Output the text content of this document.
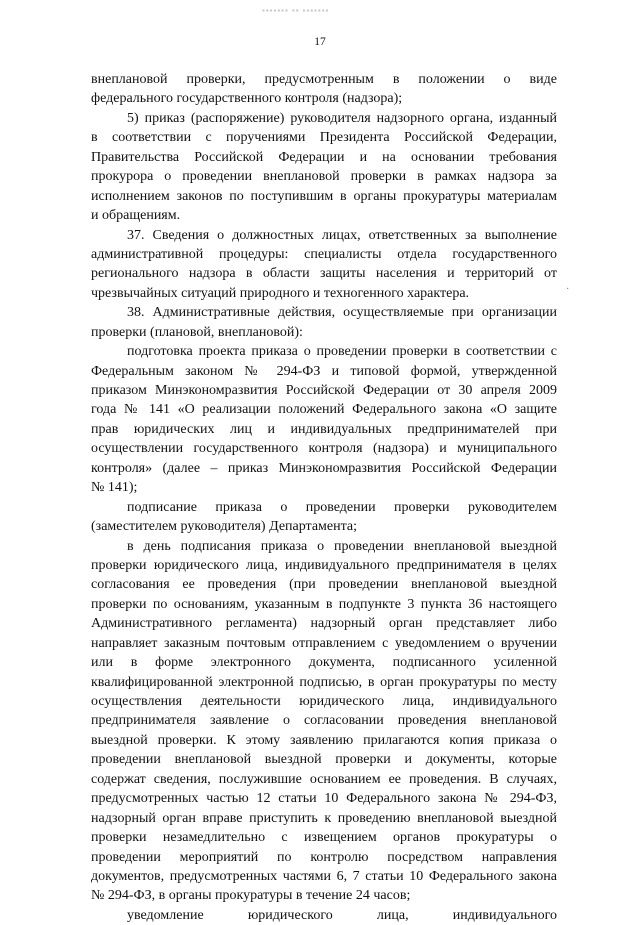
▪▪▪▪▪▪▪ ▪▪ ▪▪▪▪▪▪▪
17
внеплановой проверки, предусмотренным в положении о виде
федерального государственного контроля (надзора);
5) приказ (распоряжение) руководителя надзорного органа, изданный
в соответствии с поручениями Президента Российской Федерации,
Правительства Российской Федерации и на основании требования
прокурора о проведении внеплановой проверки в рамках надзора за
исполнением законов по поступившим в органы прокуратуры материалам
и обращениям.
37. Сведения о должностных лицах, ответственных за выполнение
административной процедуры: специалисты отдела государственного
регионального надзора в области защиты населения и территорий от
чрезвычайных ситуаций природного и техногенного характера.
38. Административные действия, осуществляемые при организации
проверки (плановой, внеплановой):
подготовка проекта приказа о проведении проверки в соответствии с
Федеральным законом № 294-ФЗ и типовой формой, утвержденной
приказом Минэкономразвития Российской Федерации от 30 апреля 2009
года № 141 «О реализации положений Федерального закона «О защите
прав юридических лиц и индивидуальных предпринимателей при
осуществлении государственного контроля (надзора) и муниципального
контроля» (далее – приказ Минэкономразвития Российской Федерации
№ 141);
подписание приказа о проведении проверки руководителем
(заместителем руководителя) Департамента;
в день подписания приказа о проведении внеплановой выездной
проверки юридического лица, индивидуального предпринимателя в целях
согласования ее проведения (при проведении внеплановой выездной
проверки по основаниям, указанным в подпункте 3 пункта 36 настоящего
Административного регламента) надзорный орган представляет либо
направляет заказным почтовым отправлением с уведомлением о вручении
или в форме электронного документа, подписанного усиленной
квалифицированной электронной подписью, в орган прокуратуры по месту
осуществления деятельности юридического лица, индивидуального
предпринимателя заявление о согласовании проведения внеплановой
выездной проверки. К этому заявлению прилагаются копия приказа о
проведении внеплановой выездной проверки и документы, которые
содержат сведения, послужившие основанием ее проведения. В случаях,
предусмотренных частью 12 статьи 10 Федерального закона № 294-ФЗ,
надзорный орган вправе приступить к проведению внеплановой выездной
проверки незамедлительно с извещением органов прокуратуры о
проведении мероприятий по контролю посредством направления
документов, предусмотренных частями 6, 7 статьи 10 Федерального закона
№ 294-ФЗ, в органы прокуратуры в течение 24 часов;
уведомление юридического лица, индивидуального
·
